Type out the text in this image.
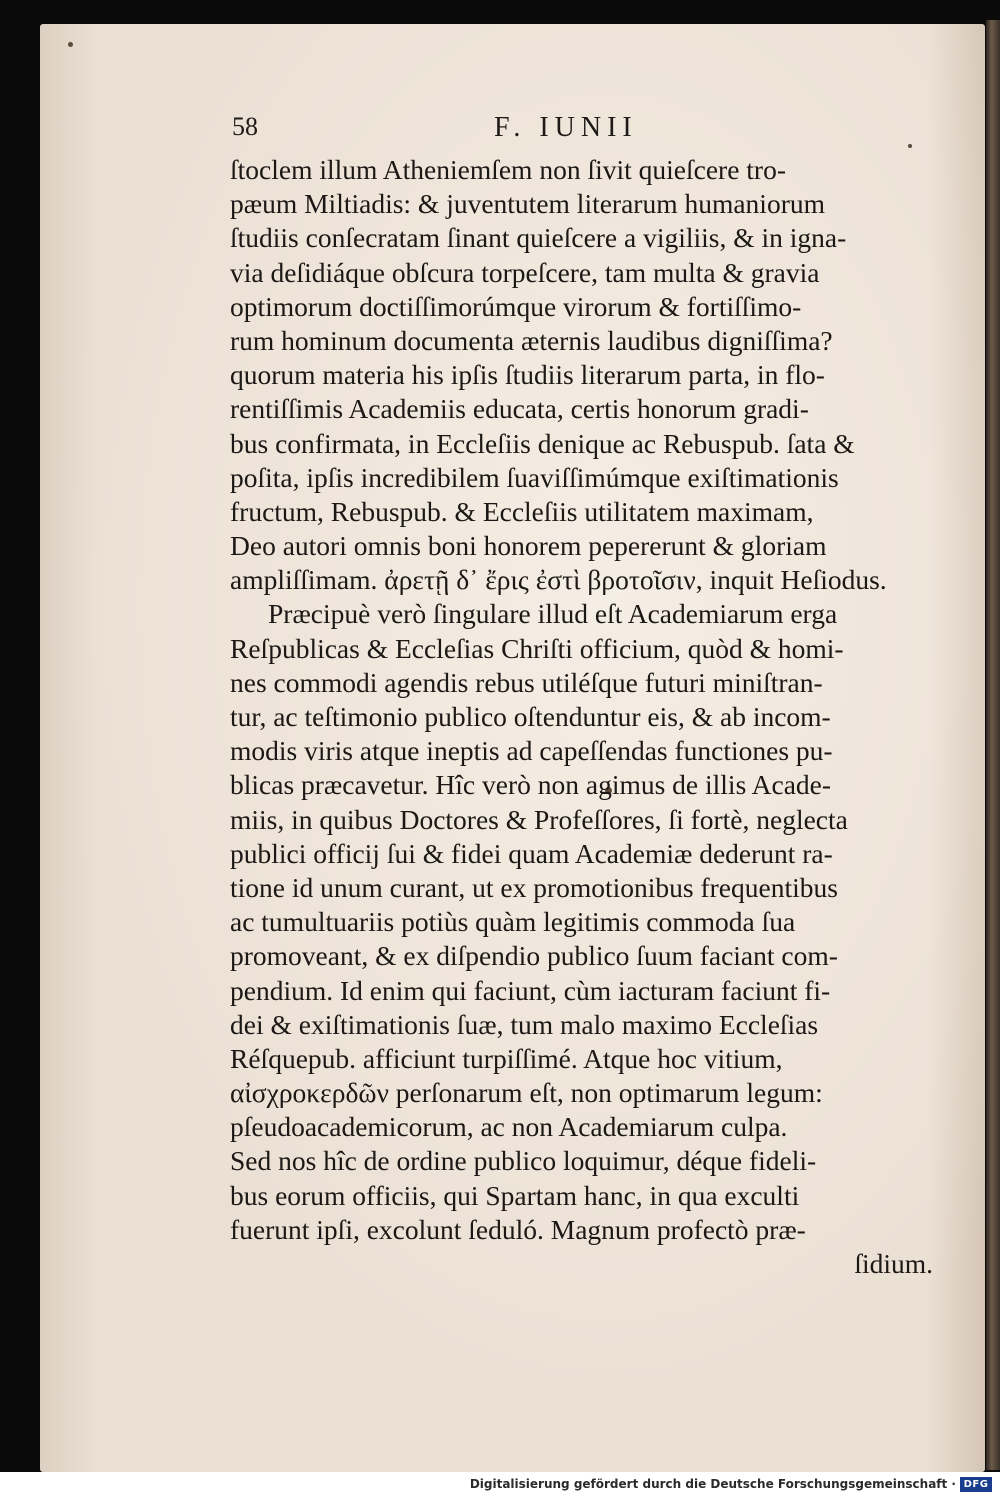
58	F. IUNII
ſtoclem illum Atheniemſem non ſivit quieſcere tro-
pæum Miltiadis: & juventutem literarum humaniorum
ſtudiis conſecratam ſinant quieſcere a vigiliis, & in igna-
via deſidiáque obſcura torpeſcere, tam multa & gravia
optimorum doctiſſimorúmque virorum & fortiſſimo-
rum hominum documenta æternis laudibus digniſſima?
quorum materia his ipſis ſtudiis literarum parta, in flo-
rentiſſimis Academiis educata, certis honorum gradi-
bus confirmata, in Eccleſiis denique ac Rebuspub. ſata &
poſita, ipſis incredibilem ſuaviſſimúmque exiſtimationis
fructum, Rebuspub. & Eccleſiis utilitatem maximam,
Deo autori omnis boni honorem pepererunt & gloriam
ampliſſimam. ἀρετῇ δ᾽ ἔρις ἐστὶ βροτοῖσιν, inquit Heſiodus.
Præcipuè verò ſingulare illud eſt Academiarum erga
Reſpublicas & Eccleſias Chriſti officium, quòd & homi-
nes commodi agendis rebus utiléſque futuri miniſtran-
tur, ac teſtimonio publico oſtenduntur eis, & ab incom-
modis viris atque ineptis ad capeſſendas functiones pu-
blicas præcavetur. Hîc verò non agimus de illis Acade-
miis, in quibus Doctores & Profeſſores, ſi fortè, neglecta
publici officij ſui & fidei quam Academiæ dederunt ra-
tione id unum curant, ut ex promotionibus frequentibus
ac tumultuariis potiùs quàm legitimis commoda ſua
promoveant, & ex diſpendio publico ſuum faciant com-
pendium. Id enim qui faciunt, cùm iacturam faciunt fi-
dei & exiſtimationis ſuæ, tum malo maximo Eccleſias
Réſquepub. afficiunt turpiſſimé. Atque hoc vitium,
αἰσχροκερδῶν perſonarum eſt, non optimarum legum:
pſeudoacademicorum, ac non Academiarum culpa.
Sed nos hîc de ordine publico loquimur, déque fideli-
bus eorum officiis, qui Spartam hanc, in qua exculti
fuerunt ipſi, excolunt ſeduló. Magnum profectò præ-
ſidium.
Digitalisierung gefördert durch die Deutsche Forschungsgemeinschaft · DFG
